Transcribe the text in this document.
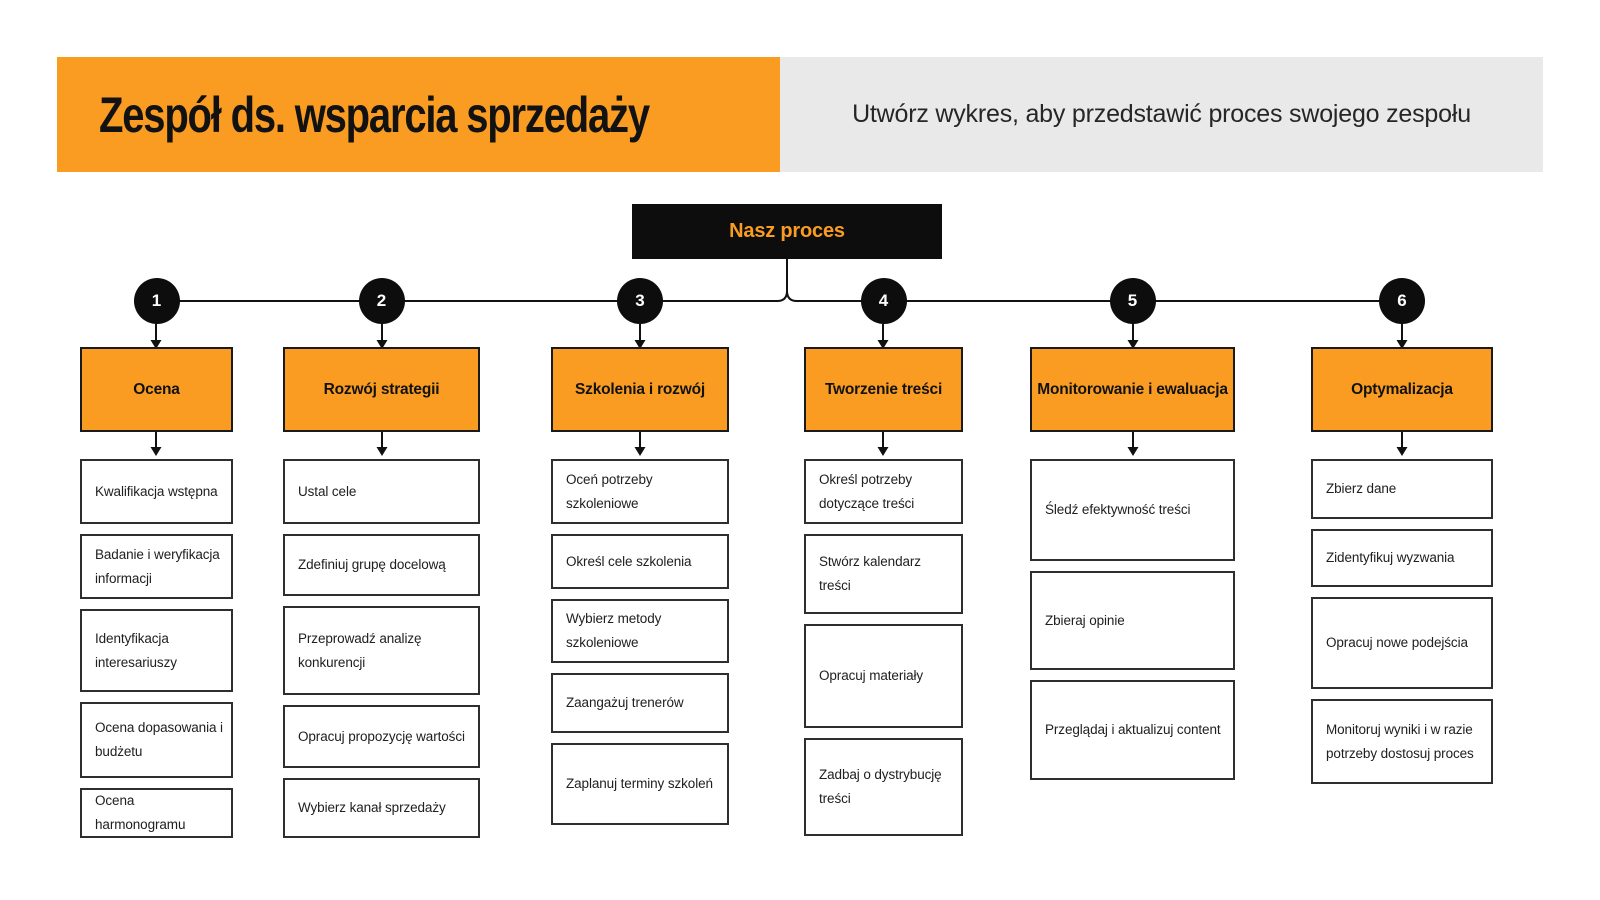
Zespół ds. wsparcia sprzedaży	Utwórz wykres, aby przedstawić proces swojego zespołu

Nasz proces
1
Ocena
Kwalifikacja wstępna
Badanie i weryfikacja informacji
Identyfikacja interesariuszy
Ocena dopasowania i budżetu
Ocena harmonogramu
2
Rozwój strategii
Ustal cele
Zdefiniuj grupę docelową
Przeprowadź analizę konkurencji
Opracuj propozycję wartości
Wybierz kanał sprzedaży
3
Szkolenia i rozwój
Oceń potrzeby szkoleniowe
Określ cele szkolenia
Wybierz metody szkoleniowe
Zaangażuj trenerów
Zaplanuj terminy szkoleń
4
Tworzenie treści
Określ potrzeby dotyczące treści
Stwórz kalendarz treści
Opracuj materiały
Zadbaj o dystrybucję treści
5
Monitorowanie i ewaluacja
Śledź efektywność treści
Zbieraj opinie
Przeglądaj i aktualizuj content
6
Optymalizacja
Zbierz dane
Zidentyfikuj wyzwania
Opracuj nowe podejścia
Monitoruj wyniki i w razie potrzeby dostosuj proces
